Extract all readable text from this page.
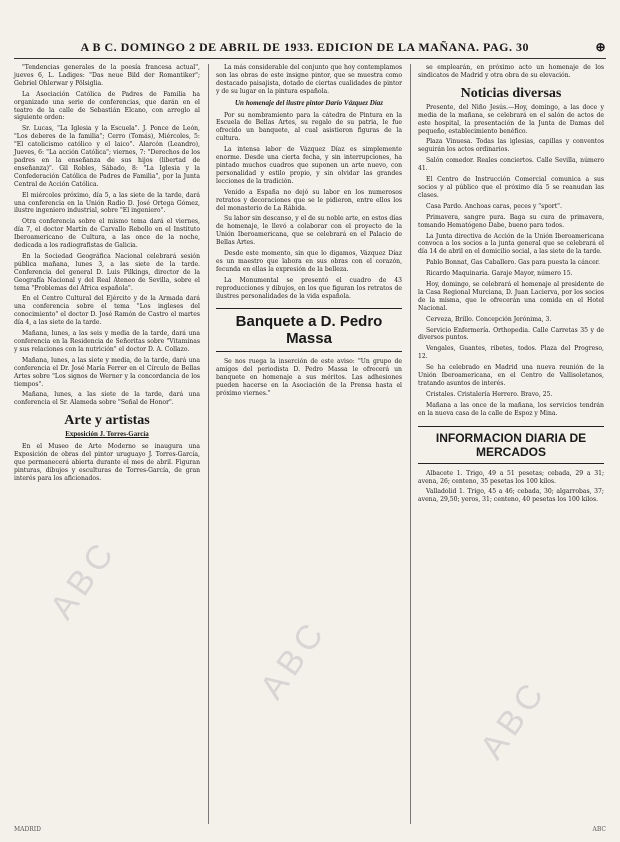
A B C. DOMINGO 2 DE ABRIL DE 1933. EDICION DE LA MAÑANA. PAG. 30	⊕

"Tendencias generales de la poesía francesa actual", jueves 6, L. Ladiges: "Das neue Bild der Romantiker"; Gebriel Ohlerwar y Pölsiglia.

La Asociación Católica de Padres de Familia ha organizado una serie de conferencias, que darán en el teatro de la calle de Sebastián Elcano, con arreglo al siguiente orden:

Sr. Lucas, "La Iglesia y la Escuela". J. Ponce de León, "Los deberes de la familia"; Cerro (Tomás), Miércoles, 5: "El catolicismo católico y el laico". Alarcón (Leandro), Jueves, 6: "La acción Católica"; viernes, 7: "Derechos de los padres en la enseñanza de sus hijos (libertad de enseñanza)". Gil Robles, Sábado, 8: "La Iglesia y la Confederación Católica de Padres de Familia", por la Junta Central de Acción Católica.

El miércoles próximo, día 5, a las siete de la tarde, dará una conferencia en la Unión Radio D. José Ortega Gómez, ilustre ingeniero industrial, sobre "El ingeniero".

Otra conferencia sobre el mismo tema dará el viernes, día 7, el doctor Martín de Carvallo Rebollo en el Instituto Iberoamericano de Cultura, a las once de la noche, dedicada a los radiografistas de Galicia.

En la Sociedad Geográfica Nacional celebrará sesión pública mañana, lunes 3, a las siete de la tarde. Conferencia del general D. Luis Pilkings, director de la Geografía Nacional y del Real Ateneo de Sevilla, sobre el tema "Problemas del África española".

En el Centro Cultural del Ejército y de la Armada dará una conferencia sobre el tema "Los ingleses del conocimiento" el doctor D. José Ramón de Castro el martes día 4, a las siete de la tarde.

Mañana, lunes, a las seis y media de la tarde, dará una conferencia en la Residencia de Señoritas sobre "Vitaminas y sus relaciones con la nutrición" el doctor D. A. Collazo.

Mañana, lunes, a las siete y media, de la tarde, dará una conferencia el Dr. José María Ferrer en el Círculo de Bellas Artes sobre "Los signos de Werner y la concordancia de los tiempos".

Mañana, lunes, a las siete de la tarde, dará una conferencia el Sr. Alameda sobre "Señal de Honor".

Arte y artistas
Exposición J. Torres-García

En el Museo de Arte Moderno se inaugura una Exposición de obras del pintor uruguayo J. Torres-García, que permanecerá abierta durante el mes de abril. Figuran pinturas, dibujos y esculturas de Torres-García, de gran interés para los aficionados.

La más considerable del conjunto que hoy contemplamos son las obras de este insigne pintor, que se muestra como destacado paisajista, dotado de ciertas cualidades de pintor y de su lugar en la pintura española.

Un homenaje del ilustre pintor Darío Vázquez Díaz

Por su nombramiento para la cátedra de Pintura en la Escuela de Bellas Artes, su regalo de su patria, le fue ofrecido un banquete, al cual asistieron figuras de la cultura.

La intensa labor de Vázquez Díaz es simplemente enorme. Desde una cierta fecha, y sin interrupciones, ha pintado muchos cuadros que suponen un arte nuevo, con personalidad y estilo propio, y sin olvidar las grandes lecciones de la tradición.

Venido a España no dejó su labor en los numerosos retratos y decoraciones que se le pidieron, entre ellos los del monasterio de La Rábida.

Su labor sin descanso, y el de su noble arte, en estos días de homenaje, le llevó a colaborar con el proyecto de la Unión Iberoamericana, que se celebrará en el Palacio de Bellas Artes.

Desde este momento, sin que lo digamos, Vázquez Díaz es un maestro que labora en sus obras con el corazón, fecunda en ellas la expresión de la belleza.

La Monumental se presentó el cuadro de 43 reproducciones y dibujos, en los que figuran los retratos de ilustres personalidades de la vida española.

Banquete a D. Pedro Massa

Se nos ruega la inserción de este aviso: "Un grupo de amigos del periodista D. Pedro Massa le ofrecerá un banquete en homenaje a sus méritos. Las adhesiones pueden hacerse en la Asociación de la Prensa hasta el próximo viernes."

se emplearán, en próximo acto un homenaje de los sindicatos de Madrid y otra obra de su elevación.

Noticias diversas

Presente, del Niño Jesús.—Hoy, domingo, a las doce y media de la mañana, se celebrará en el salón de actos de este hospital, la presentación de la Junta de Damas del pequeño, establecimiento benéfico.

Plaza Vinuesa. Todas las iglesias, capillas y conventos seguirán los actos ordinarios.

Salón comedor. Reales conciertos. Calle Sevilla, número 41.

El Centro de Instrucción Comercial comunica a sus socios y al público que el próximo día 5 se reanudan las clases.

Casa Pardo. Anchoas caras, peces y "sport".

Primavera, sangre pura. Baga su cura de primavera, tomando Hematógeno Dabe, bueno para todos.

La Junta directiva de Acción de la Unión Iberoamericana convoca a los socios a la junta general que se celebrará el día 14 de abril en el domicilio social, a las siete de la tarde.

Pablo Bonnat, Gas Caballero. Gas para puesta la cáncer.

Ricardo Maquinaria. Garaje Mayor, número 15.

Hoy, domingo, se celebrará el homenaje al presidente de la Casa Regional Murciana, D. Juan Lacierva, por los socios de la misma, que le ofrecerán una comida en el Hotel Nacional.

Cerveza, Brillo. Concepción Jerónima, 3.

Servicio Enfermería. Orthopedia. Calle Carretas 35 y de diversos puntos.

Vengales, Guantes, ribetes, todos. Plaza del Progreso, 12.

Se ha celebrado en Madrid una nueva reunión de la Unión Iberoamericana, en el Centro de Vallisoletanos, tratando asuntos de interés.

Cristales. Cristalería Herrero. Bravo, 25.

Mañana a las once de la mañana, los servicios tendrán en la nueva casa de la calle de Espoz y Mina.

INFORMACION DIARIA DE MERCADOS

Albacete 1. Trigo, 49 a 51 pesetas; cebada, 29 a 31; avena, 26; centeno, 35 pesetas los 100 kilos.

Valladolid 1. Trigo, 45 a 46; cebada, 30; algarrobas, 37; avena, 29,50; yeros, 31; centeno, 40 pesetas los 100 kilos.

ABC
ABC
ABC
MADRID	ABC
